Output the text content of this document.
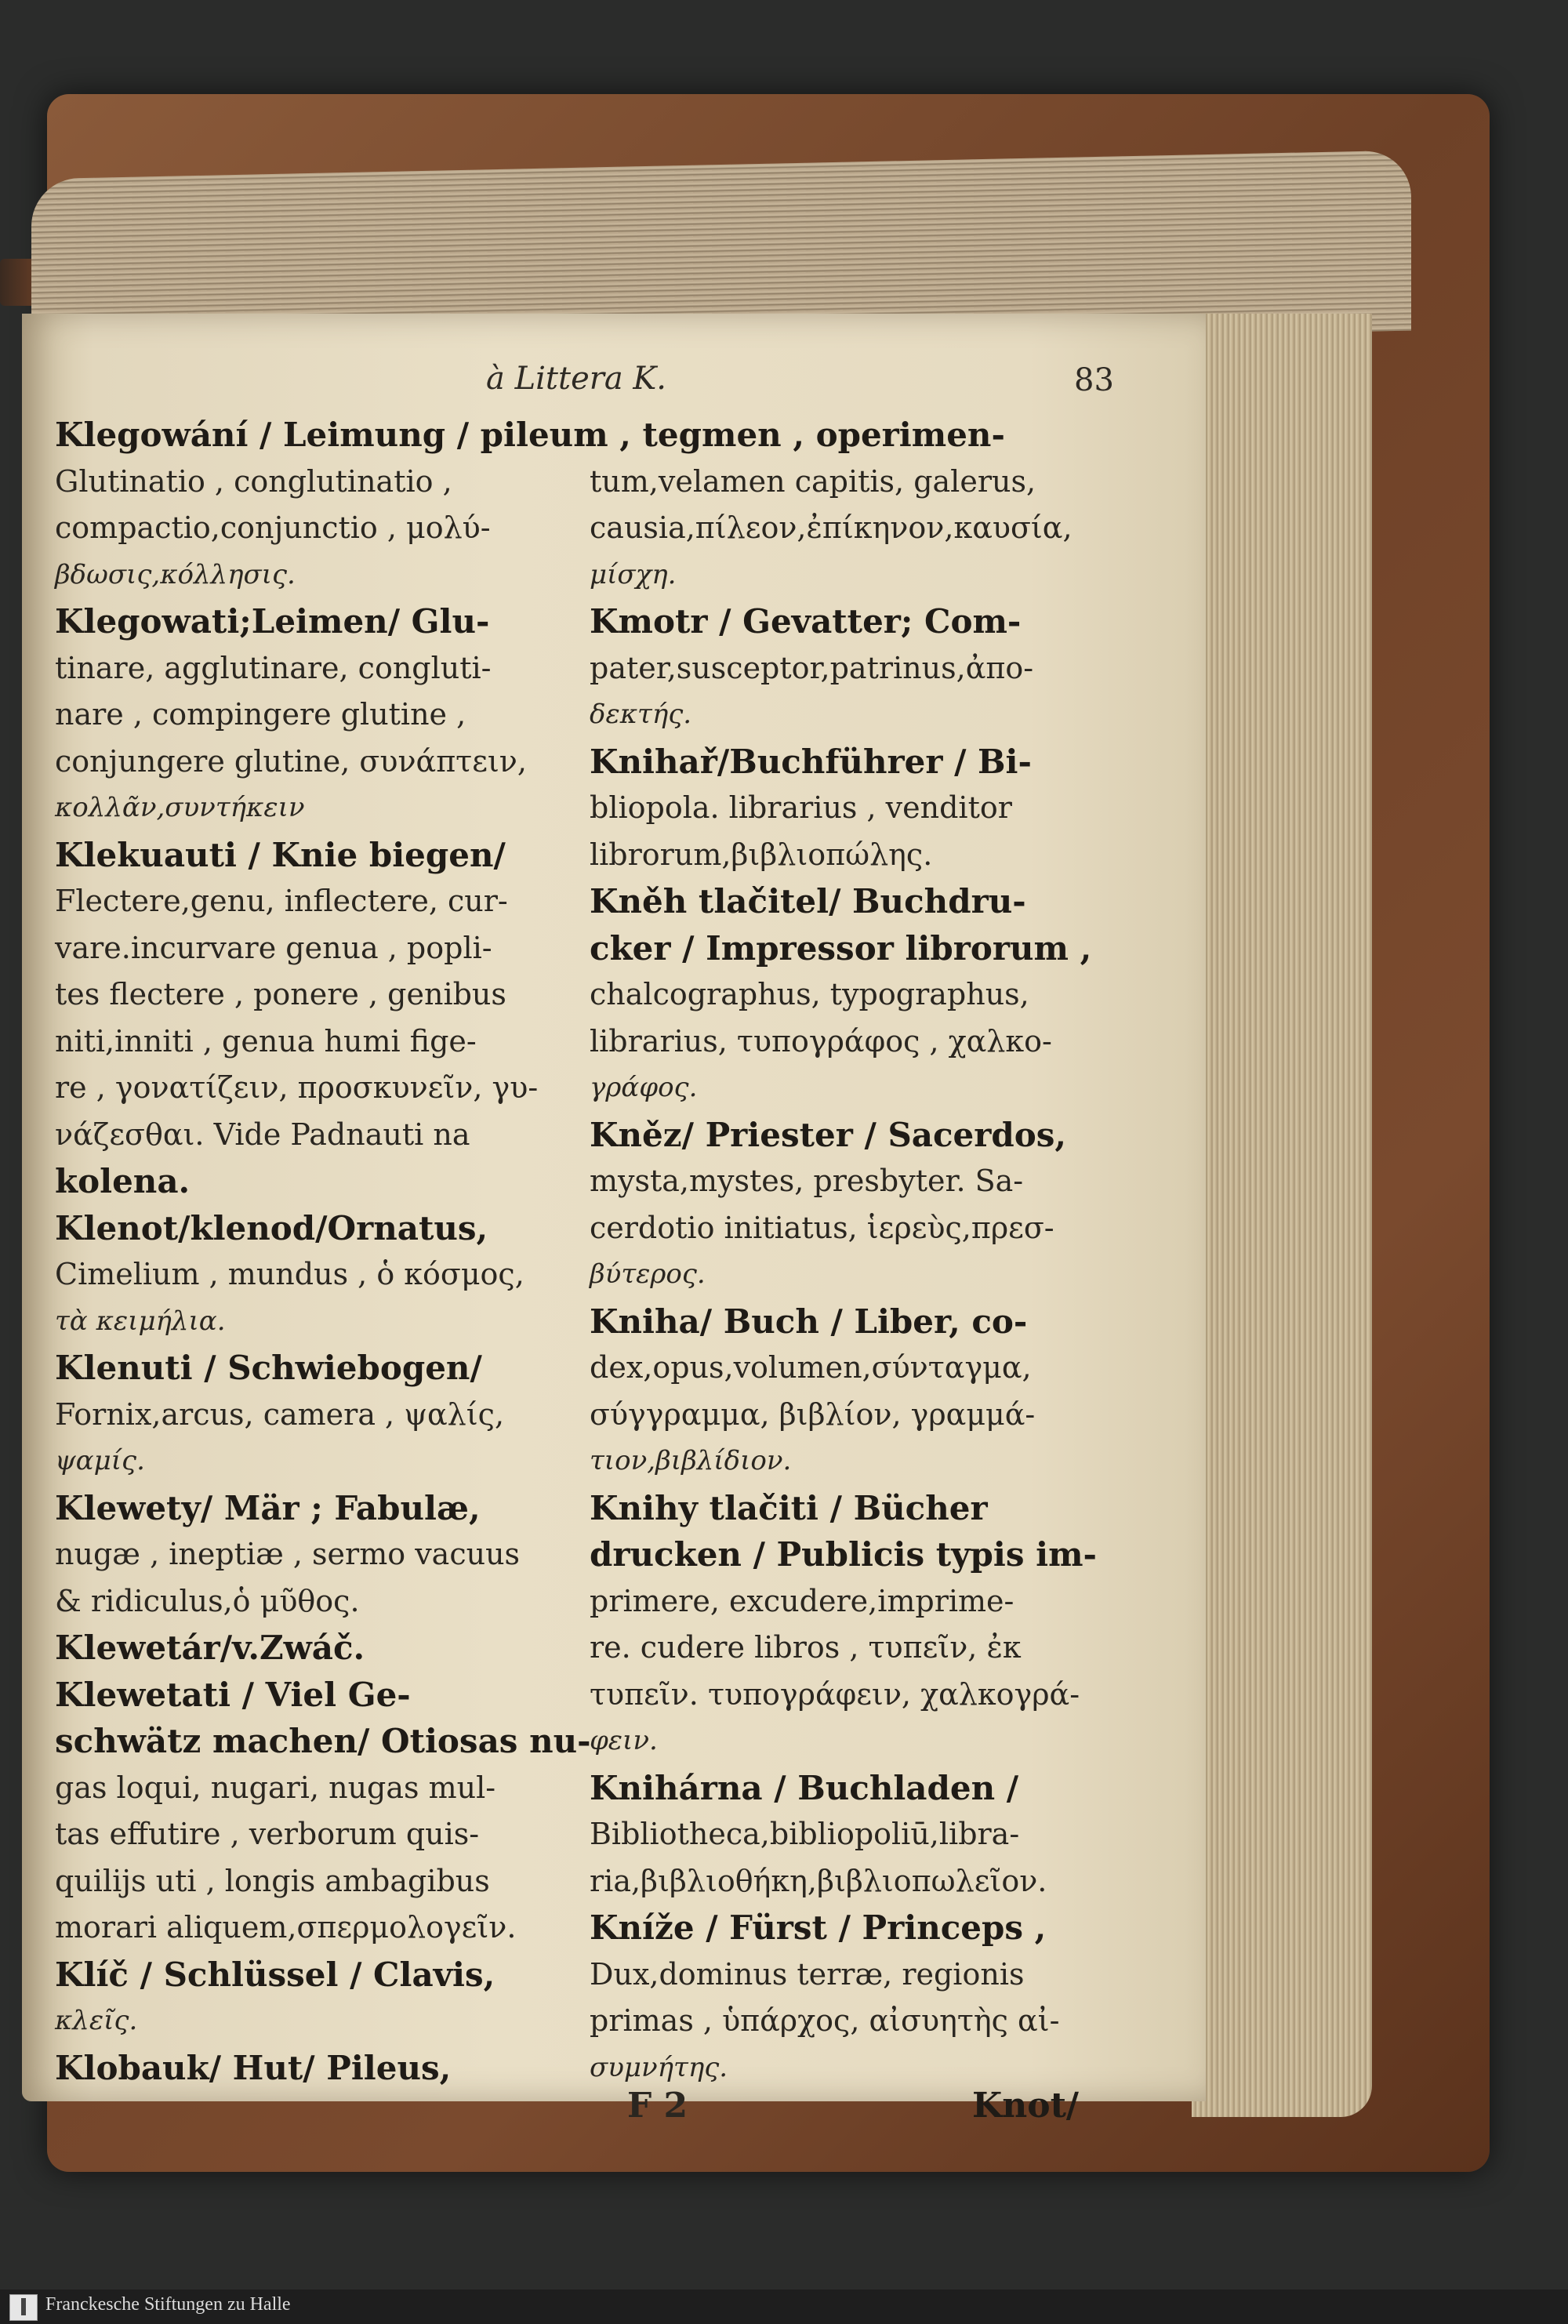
à Littera K.	83
Klegowání / Leimung / pileum , tegmen , operimen-
Glutinatio , conglutinatio ,
compactio,conjunctio , μολύ-
βδωσις,κόλλησις.
Klegowati;Leimen/ Glu-
tinare, agglutinare, congluti-
nare , compingere glutine ,
conjungere glutine, συνάπτειν,
κολλᾶν,συντήκειν
Klekuauti / Knie biegen/
Flectere,genu, inflectere, cur-
vare.incurvare genua , popli-
tes flectere , ponere , genibus
niti,inniti , genua humi fige-
re , γονατίζειν, προσκυνεῖν, γυ-
νάζεσθαι. Vide Padnauti na
kolena.
Klenot/klenod/Ornatus,
Cimelium , mundus , ὁ κόσμος,
τὰ κειμήλια.
Klenuti / Schwiebogen/
Fornix,arcus, camera , ψαλίς,
ψαμίς.
Klewety/ Mär ; Fabulæ,
nugæ , ineptiæ , sermo vacuus
& ridiculus,ὁ μῦθος.
Klewetár/v.Zwáč.
Klewetati / Viel Ge-
schwätz machen/ Otiosas nu-
gas loqui, nugari, nugas mul-
tas effutire , verborum quis-
quilijs uti , longis ambagibus
morari aliquem,σπερμολογεῖν.
Klíč / Schlüssel / Clavis,
κλεῖς.
Klobauk/ Hut/ Pileus,
tum,velamen capitis, galerus,
causia,πίλεον,ἐπίκηνον,καυσία,
μίσχη.
Kmotr / Gevatter; Com-
pater,susceptor,patrinus,ἀπο-
δεκτής.
Knihař/Buchführer / Bi-
bliopola. librarius , venditor
librorum,βιβλιοπώλης.
Kněh tlačitel/ Buchdru-
cker / Impressor librorum ,
chalcographus, typographus,
librarius, τυπογράφος , χαλκο-
γράφος.
Kněz/ Priester / Sacerdos,
mysta,mystes, presbyter. Sa-
cerdotio initiatus, ἱερεὺς,πρεσ-
βύτερος.
Kniha/ Buch / Liber, co-
dex,opus,volumen,σύνταγμα,
σύγγραμμα, βιβλίον, γραμμά-
τιον,βιβλίδιον.
Knihy tlačiti / Bücher
drucken / Publicis typis im-
primere, excudere,imprime-
re. cudere libros , τυπεῖν, ἐκ
τυπεῖν. τυπογράφειν, χαλκογρά-
φειν.
Knihárna / Buchladen /
Bibliotheca,bibliopoliū,libra-
ria,βιβλιοθήκη,βιβλιοπωλεῖον.
Kníže / Fürst / Princeps ,
Dux,dominus terræ, regionis
primas , ὑπάρχος, αἰσυητὴς αἰ-
συμνήτης.
F 2	Knot/
Franckesche Stiftungen zu Halle
